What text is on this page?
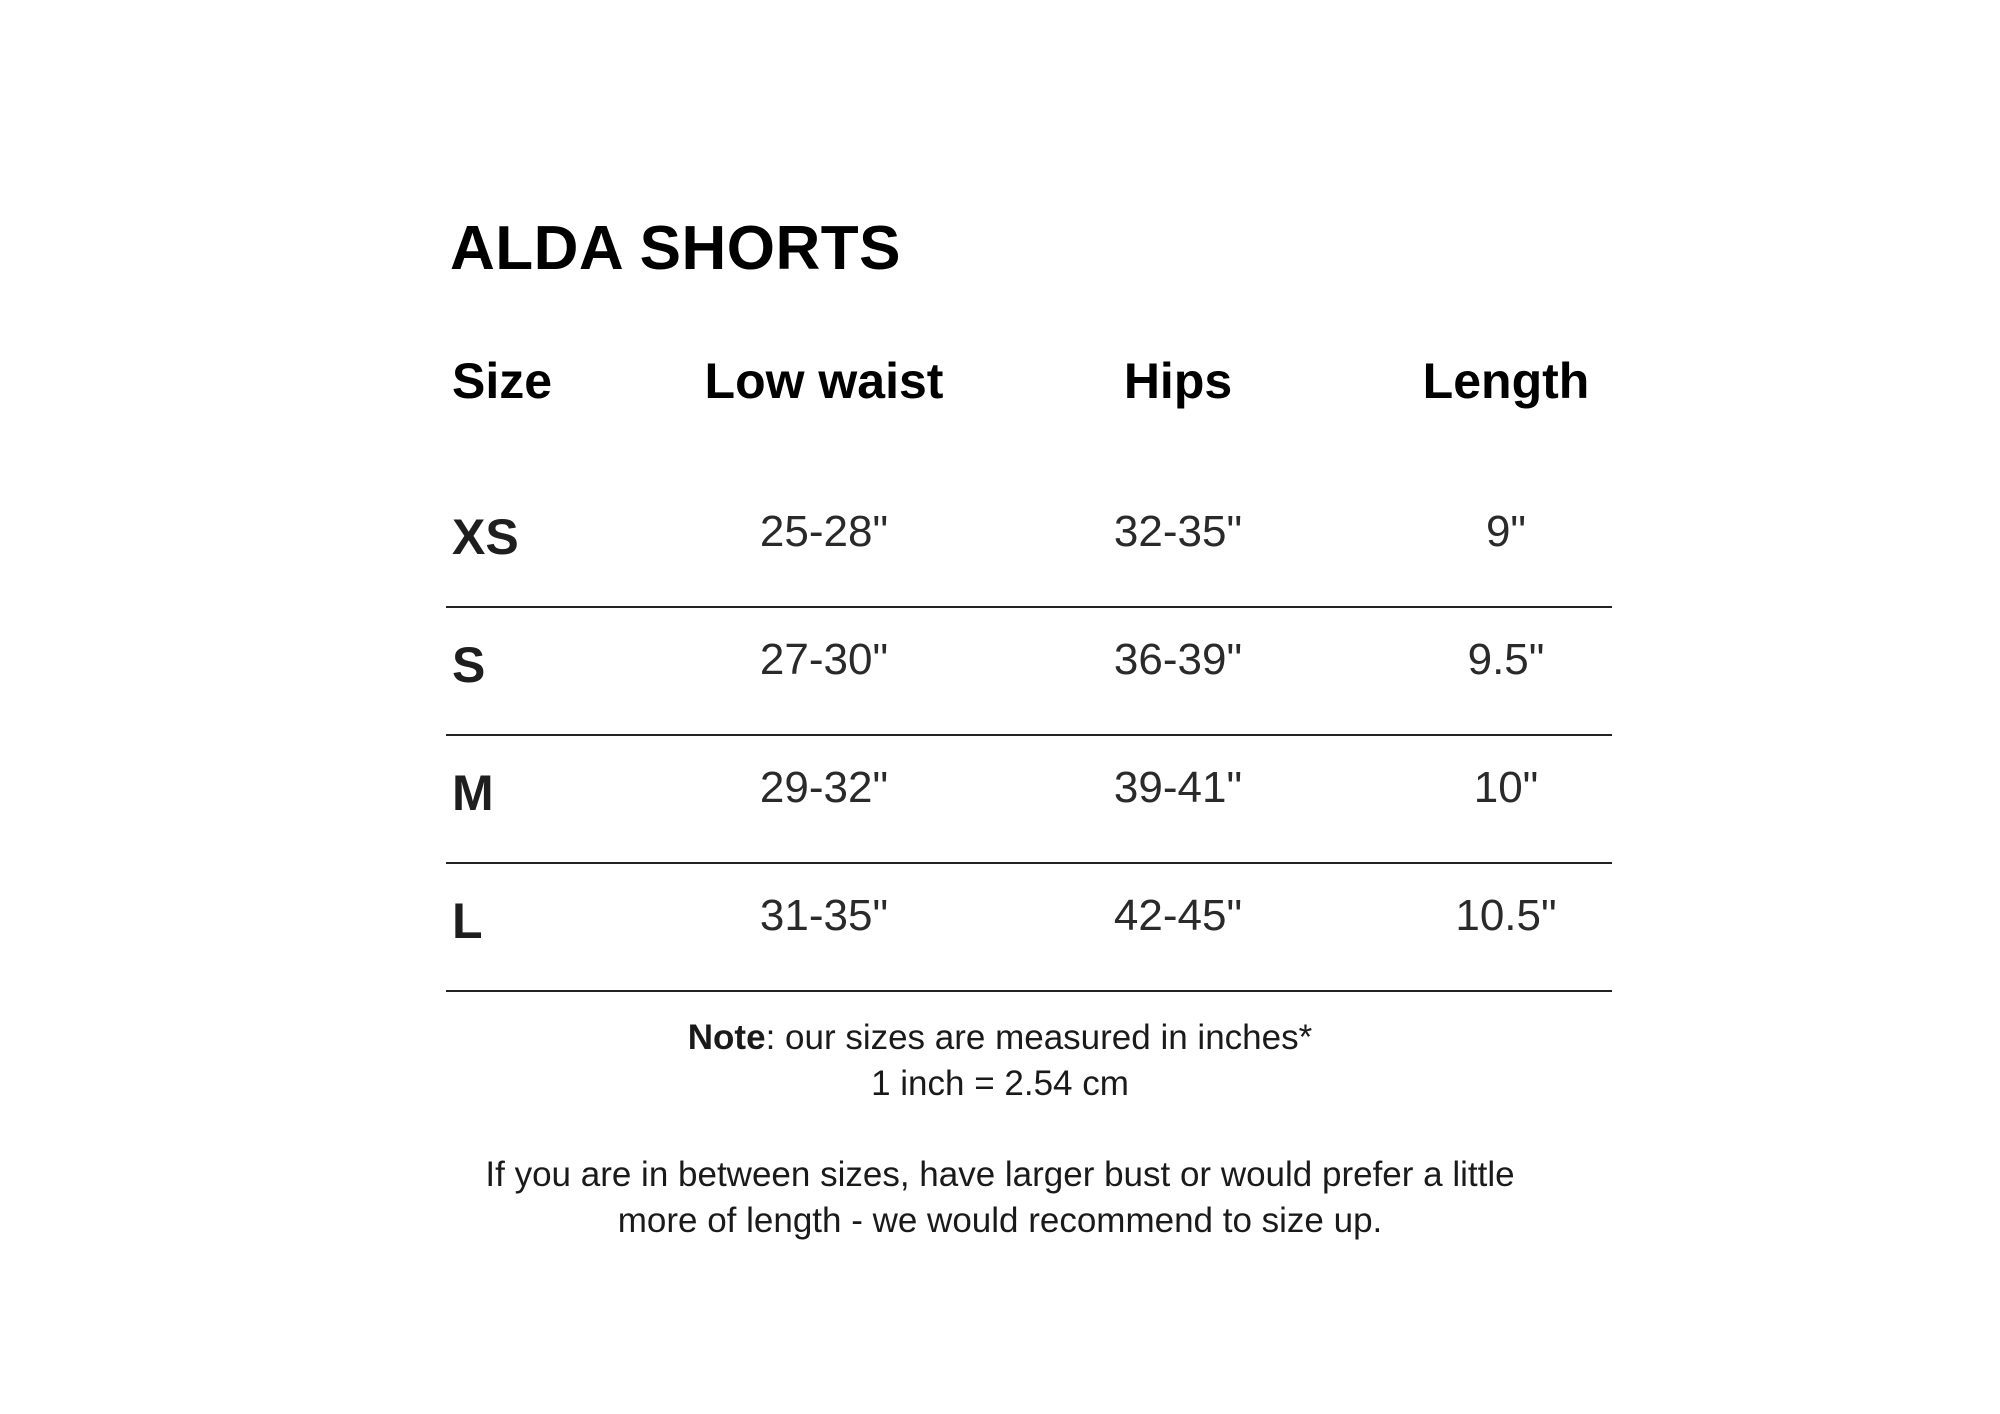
ALDA SHORTS
Size	Low waist	Hips	Length
XS	25-28"	32-35"	9"
S	27-30"	36-39"	9.5"
M	29-32"	39-41"	10"
L	31-35"	42-45"	10.5"
Note: our sizes are measured in inches*
1 inch = 2.54 cm
If you are in between sizes, have larger bust or would prefer a little
more of length - we would recommend to size up.
